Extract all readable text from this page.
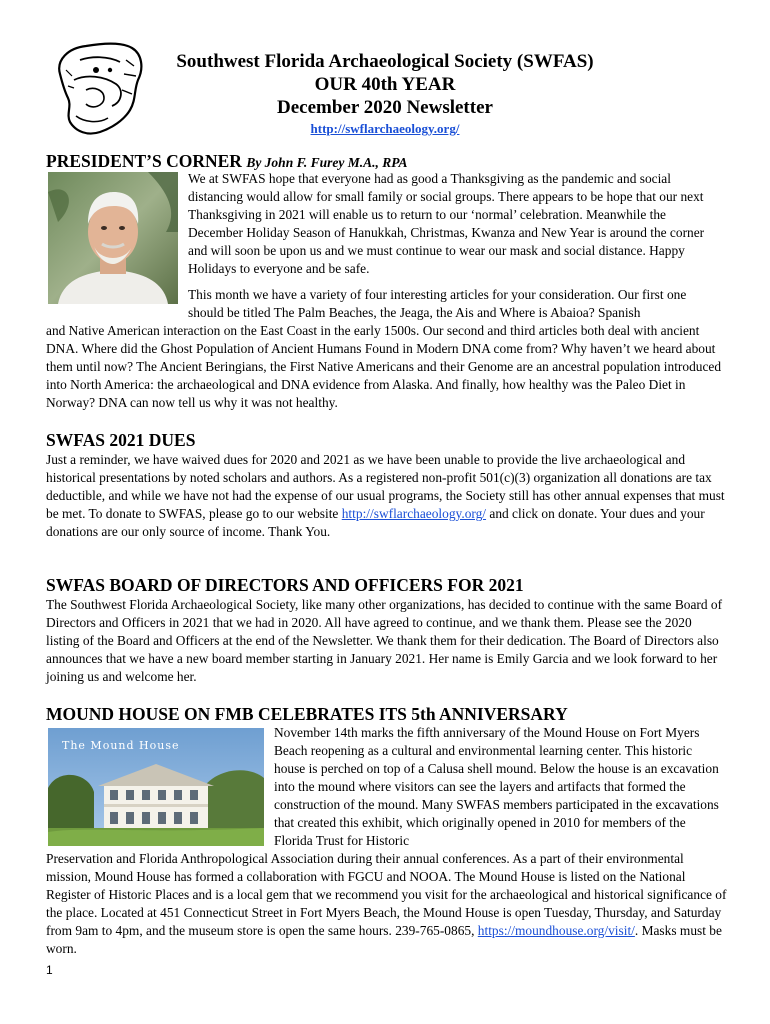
Southwest Florida Archaeological Society (SWFAS)
OUR 40th YEAR
December 2020 Newsletter
http://swflarchaeology.org/
PRESIDENT’S CORNER By John F. Furey M.A., RPA
We at SWFAS hope that everyone had as good a Thanksgiving as the pandemic and social distancing would allow for small family or social groups. There appears to be hope that our next Thanksgiving in 2021 will enable us to return to our ‘normal’ celebration. Meanwhile the December Holiday Season of Hanukkah, Christmas, Kwanza and New Year is around the corner and will soon be upon us and we must continue to wear our mask and social distance. Happy Holidays to everyone and be safe.
This month we have a variety of four interesting articles for your consideration. Our first one should be titled The Palm Beaches, the Jeaga, the Ais and Where is Abaioa? Spanish
and Native American interaction on the East Coast in the early 1500s. Our second and third articles both deal with ancient DNA. Where did the Ghost Population of Ancient Humans Found in Modern DNA come from? Why haven’t we heard about them until now? The Ancient Beringians, the First Native Americans and their Genome are an ancestral population introduced into North America: the archaeological and DNA evidence from Alaska. And finally, how healthy was the Paleo Diet in Norway? DNA can now tell us why it was not healthy.
SWFAS 2021 DUES
Just a reminder, we have waived dues for 2020 and 2021 as we have been unable to provide the live archaeological and historical presentations by noted scholars and authors. As a registered non-profit 501(c)(3) organization all donations are tax deductible, and while we have not had the expense of our usual programs, the Society still has other annual expenses that must be met. To donate to SWFAS, please go to our website http://swflarchaeology.org/ and click on donate. Your dues and your donations are our only source of income. Thank You.
SWFAS BOARD OF DIRECTORS AND OFFICERS FOR 2021
The Southwest Florida Archaeological Society, like many other organizations, has decided to continue with the same Board of Directors and Officers in 2021 that we had in 2020. All have agreed to continue, and we thank them. Please see the 2020 listing of the Board and Officers at the end of the Newsletter. We thank them for their dedication. The Board of Directors also announces that we have a new board member starting in January 2021. Her name is Emily Garcia and we look forward to her joining us and welcome her.
MOUND HOUSE ON FMB CELEBRATES ITS 5th ANNIVERSARY
The Mound House
November 14th marks the fifth anniversary of the Mound House on Fort Myers Beach reopening as a cultural and environmental learning center. This historic house is perched on top of a Calusa shell mound. Below the house is an excavation into the mound where visitors can see the layers and artifacts that formed the construction of the mound. Many SWFAS members participated in the excavations that created this exhibit, which originally opened in 2010 for members of the Florida Trust for Historic
Preservation and Florida Anthropological Association during their annual conferences. As a part of their environmental mission, Mound House has formed a collaboration with FGCU and NOOA. The Mound House is listed on the National Register of Historic Places and is a local gem that we recommend you visit for the archaeological and historical significance of the place. Located at 451 Connecticut Street in Fort Myers Beach, the Mound House is open Tuesday, Thursday, and Saturday from 9am to 4pm, and the museum store is open the same hours. 239-765-0865, https://moundhouse.org/visit/. Masks must be worn.
1
